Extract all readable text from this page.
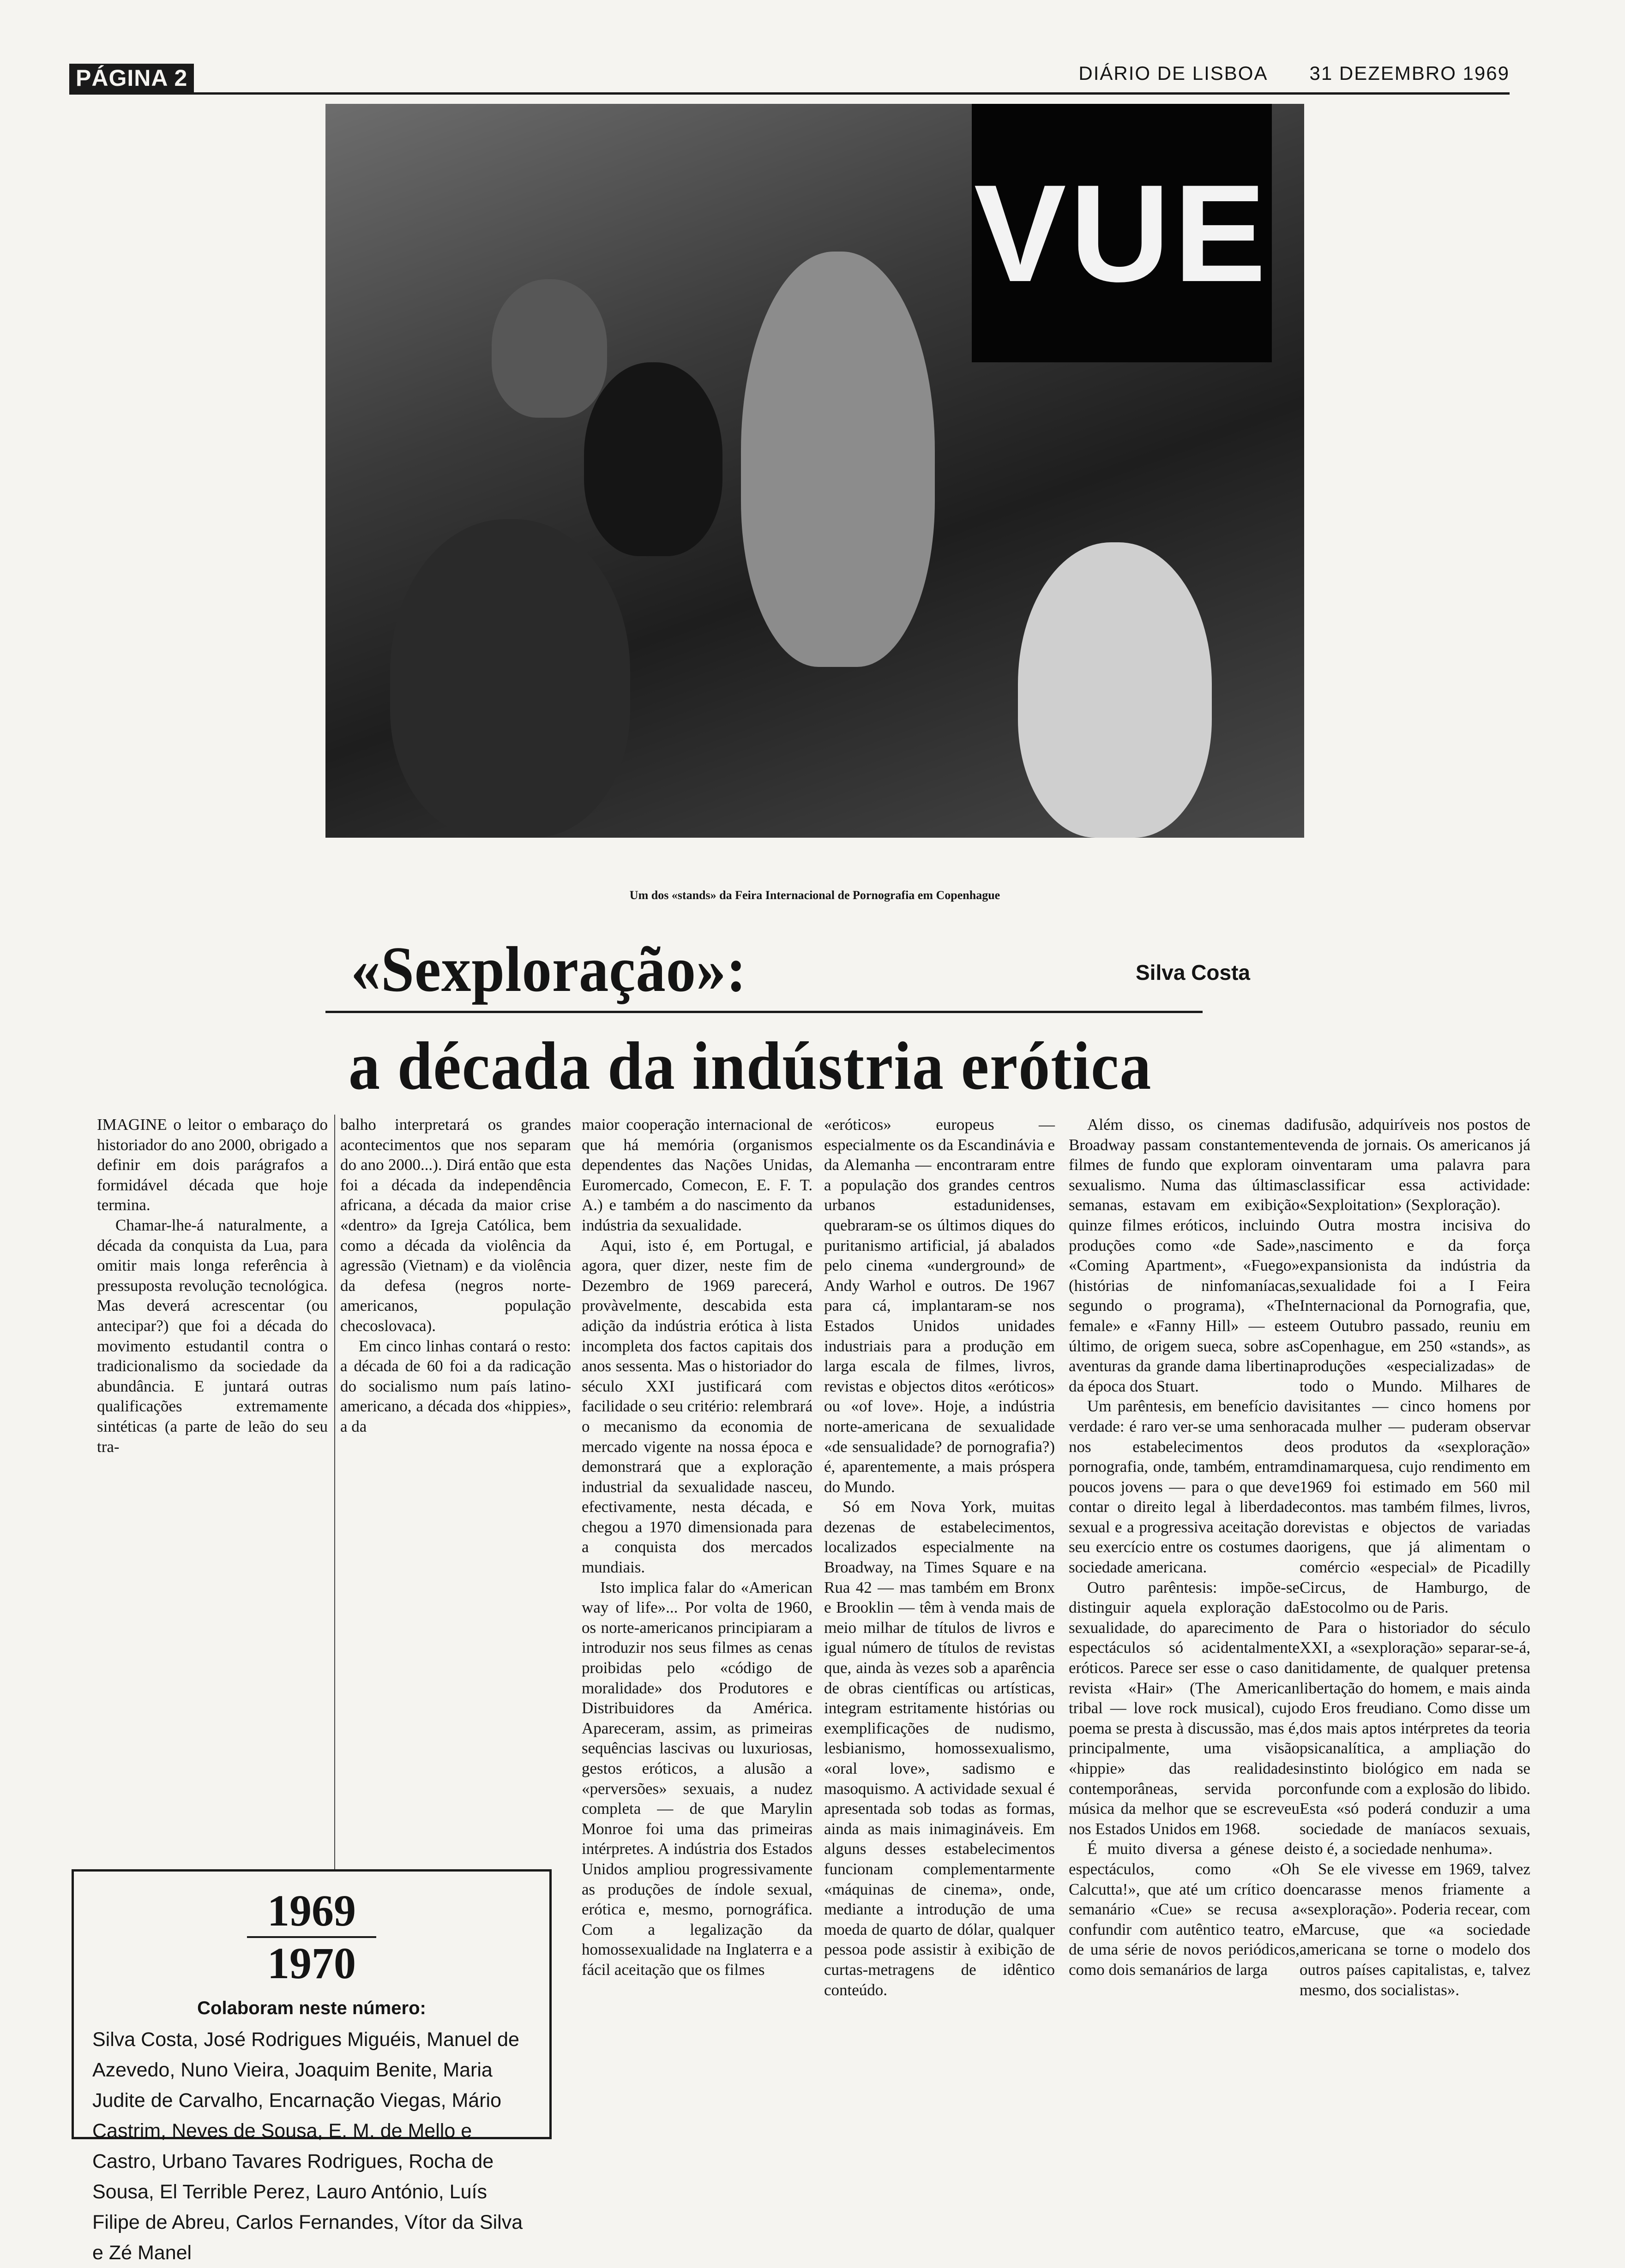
PÁGINA 2	DIÁRIO DE LISBOA 31 DEZEMBRO 1969
VUE
Um dos «stands» da Feira Internacional de Pornografia em Copenhague
«Sexploração»:	Silva Costa
a década da indústria erótica

IMAGINE o leitor o embaraço do historiador do ano 2000, obrigado a definir em dois parágrafos a formidável década que hoje termina.

Chamar-lhe-á naturalmente, a década da conquista da Lua, para omitir mais longa referência à pressuposta revolução tecnológica. Mas deverá acrescentar (ou antecipar?) que foi a década do movimento estudantil contra o tradicionalismo da sociedade da abundância. E juntará outras qualificações extremamente sintéticas (a parte de leão do seu tra-

balho interpretará os grandes acontecimentos que nos separam do ano 2000...). Dirá então que esta foi a década da independência africana, a década da maior crise «dentro» da Igreja Católica, bem como a década da violência da agressão (Vietnam) e da violência da defesa (negros norte-americanos, população checoslovaca).

Em cinco linhas contará o resto: a década de 60 foi a da radicação do socialismo num país latino-americano, a década dos «hippies», a da

maior cooperação internacional de que há memória (organismos dependentes das Nações Unidas, Euromercado, Comecon, E. F. T. A.) e também a do nascimento da indústria da sexualidade.

Aqui, isto é, em Portugal, e agora, quer dizer, neste fim de Dezembro de 1969 parecerá, provàvelmente, descabida esta adição da indústria erótica à lista incompleta dos factos capitais dos anos sessenta. Mas o historiador do século XXI justificará com facilidade o seu critério: relembrará o mecanismo da economia de mercado vigente na nossa época e demonstrará que a exploração industrial da sexualidade nasceu, efectivamente, nesta década, e chegou a 1970 dimensionada para a conquista dos mercados mundiais.

Isto implica falar do «American way of life»... Por volta de 1960, os norte-americanos principiaram a introduzir nos seus filmes as cenas proibidas pelo «código de moralidade» dos Produtores e Distribuidores da América. Apareceram, assim, as primeiras sequências lascivas ou luxuriosas, gestos eróticos, a alusão a «perversões» sexuais, a nudez completa — de que Marylin Monroe foi uma das primeiras intérpretes. A indústria dos Estados Unidos ampliou progressivamente as produções de índole sexual, erótica e, mesmo, pornográfica. Com a legalização da homossexualidade na Inglaterra e a fácil aceitação que os filmes

«eróticos» europeus — especialmente os da Escandinávia e da Alemanha — encontraram entre a população dos grandes centros urbanos estadunidenses, quebraram-se os últimos diques do puritanismo artificial, já abalados pelo cinema «underground» de Andy Warhol e outros. De 1967 para cá, implantaram-se nos Estados Unidos unidades industriais para a produção em larga escala de filmes, livros, revistas e objectos ditos «eróticos» ou «of love». Hoje, a indústria norte-americana de sexualidade «de sensualidade? de pornografia?) é, aparentemente, a mais próspera do Mundo.

Só em Nova York, muitas dezenas de estabelecimentos, localizados especialmente na Broadway, na Times Square e na Rua 42 — mas também em Bronx e Brooklin — têm à venda mais de meio milhar de títulos de livros e igual número de títulos de revistas que, ainda às vezes sob a aparência de obras científicas ou artísticas, integram estritamente histórias ou exemplificações de nudismo, lesbianismo, homossexualismo, «oral love», sadismo e masoquismo. A actividade sexual é apresentada sob todas as formas, ainda as mais inimagináveis. Em alguns desses estabelecimentos funcionam complementarmente «máquinas de cinema», onde, mediante a introdução de uma moeda de quarto de dólar, qualquer pessoa pode assistir à exibição de curtas-metragens de idêntico conteúdo.

Além disso, os cinemas da Broadway passam constantemente filmes de fundo que exploram o sexualismo. Numa das últimas semanas, estavam em exibição quinze filmes eróticos, incluindo produções como «de Sade», «Coming Apartment», «Fuego» (histórias de ninfomaníacas, segundo o programa), «The female» e «Fanny Hill» — este último, de origem sueca, sobre as aventuras da grande dama libertina da época dos Stuart.

Um parêntesis, em benefício da verdade: é raro ver-se uma senhora nos estabelecimentos de pornografia, onde, também, entram poucos jovens — para o que deve contar o direito legal à liberdade sexual e a progressiva aceitação do seu exercício entre os costumes da sociedade americana.

Outro parêntesis: impõe-se distinguir aquela exploração da sexualidade, do aparecimento de espectáculos só acidentalmente eróticos. Parece ser esse o caso da revista «Hair» (The American tribal — love rock musical), cujo poema se presta à discussão, mas é, principalmente, uma visão «hippie» das realidades contemporâneas, servida por música da melhor que se escreveu nos Estados Unidos em 1968.

É muito diversa a génese de espectáculos, como «Oh Calcutta!», que até um crítico do semanário «Cue» se recusa a confundir com autêntico teatro, e de uma série de novos periódicos, como dois semanários de larga

difusão, adquiríveis nos postos de venda de jornais. Os americanos já inventaram uma palavra para classificar essa actividade: «Sexploitation» (Sexploração).

Outra mostra incisiva do nascimento e da força expansionista da indústria da sexualidade foi a I Feira Internacional da Pornografia, que, em Outubro passado, reuniu em Copenhague, em 250 «stands», as produções «especializadas» de todo o Mundo. Milhares de visitantes — cinco homens por cada mulher — puderam observar os produtos da «sexploração» dinamarquesa, cujo rendimento em 1969 foi estimado em 560 mil contos. mas também filmes, livros, revistas e objectos de variadas origens, que já alimentam o comércio «especial» de Picadilly Circus, de Hamburgo, de Estocolmo ou de Paris.

Para o historiador do século XXI, a «sexploração» separar-se-á, nitidamente, de qualquer pretensa libertação do homem, e mais ainda do Eros freudiano. Como disse um dos mais aptos intérpretes da teoria psicanalítica, a ampliação do instinto biológico em nada se confunde com a explosão do libido. Esta «só poderá conduzir a uma sociedade de maníacos sexuais, isto é, a sociedade nenhuma».

Se ele vivesse em 1969, talvez encarasse menos friamente a «sexploração». Poderia recear, com Marcuse, que «a sociedade americana se torne o modelo dos outros países capitalistas, e, talvez mesmo, dos socialistas».

1969
1970
Colaboram neste número:
Silva Costa, José Rodrigues Miguéis, Manuel de Azevedo, Nuno Vieira, Joaquim Benite, Maria Judite de Carvalho, Encarnação Viegas, Mário Castrim, Neves de Sousa, E. M. de Mello e Castro, Urbano Tavares Rodrigues, Rocha de Sousa, El Terrible Perez, Lauro António, Luís Filipe de Abreu, Carlos Fernandes, Vítor da Silva e Zé Manel
